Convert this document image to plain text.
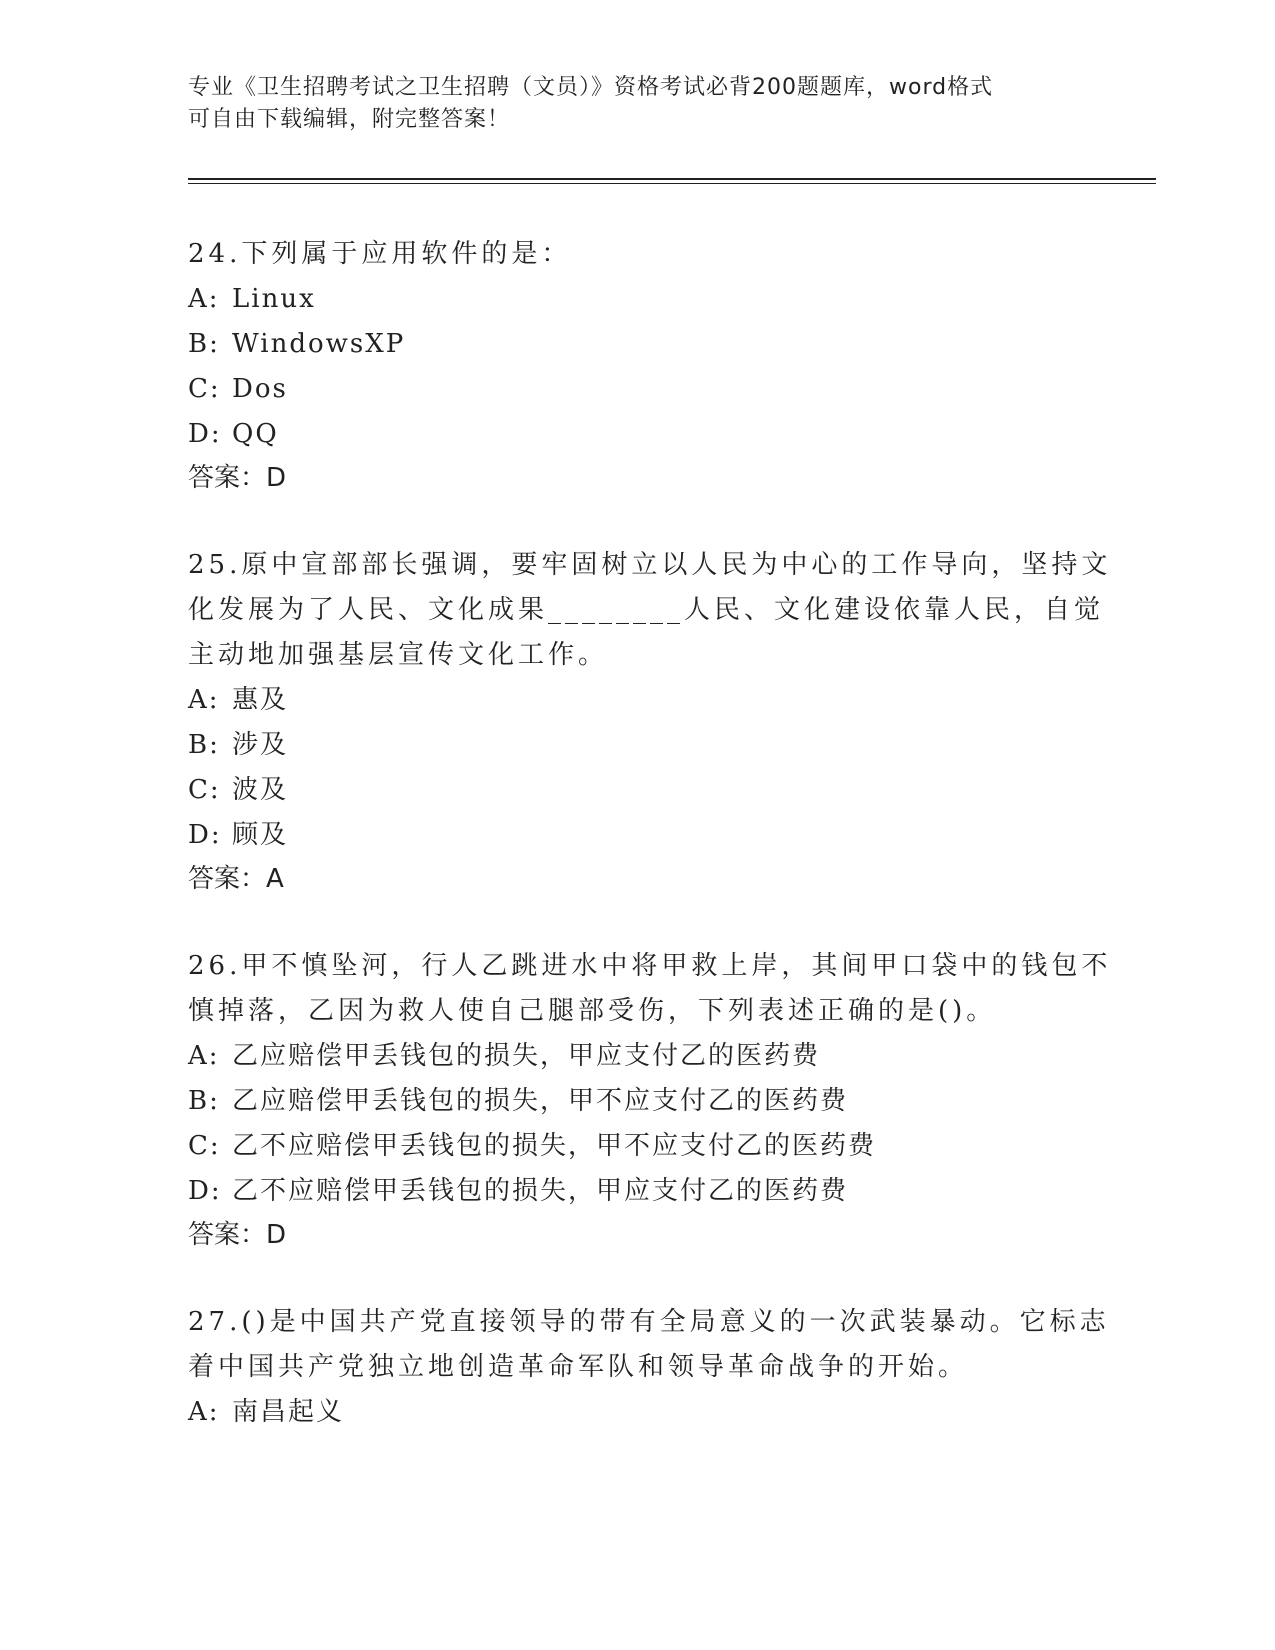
专业《卫生招聘考试之卫生招聘（文员）》资格考试必背200题题库，word格式
可自由下载编辑，附完整答案！
24.下列属于应用软件的是：
A: Linux
B: WindowsXP
C: Dos
D: QQ
答案：D
25.原中宣部部长强调，要牢固树立以人民为中心的工作导向，坚持文
化发展为了人民、文化成果________人民、文化建设依靠人民，自觉
主动地加强基层宣传文化工作。
A: 惠及
B: 涉及
C: 波及
D: 顾及
答案：A
26.甲不慎坠河，行人乙跳进水中将甲救上岸，其间甲口袋中的钱包不
慎掉落，乙因为救人使自己腿部受伤，下列表述正确的是()。
A: 乙应赔偿甲丢钱包的损失，甲应支付乙的医药费
B: 乙应赔偿甲丢钱包的损失，甲不应支付乙的医药费
C: 乙不应赔偿甲丢钱包的损失，甲不应支付乙的医药费
D: 乙不应赔偿甲丢钱包的损失，甲应支付乙的医药费
答案：D
27.()是中国共产党直接领导的带有全局意义的一次武装暴动。它标志
着中国共产党独立地创造革命军队和领导革命战争的开始。
A: 南昌起义
